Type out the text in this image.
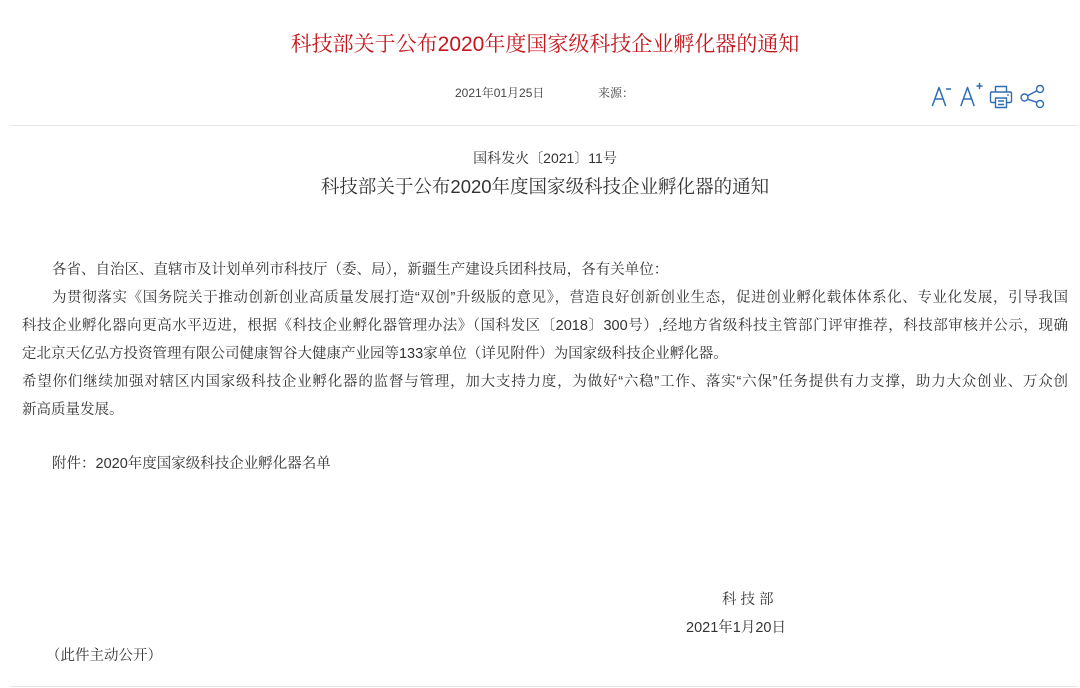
科技部关于公布2020年度国家级科技企业孵化器的通知
2021年01月25日	来源：
国科发火〔2021〕11号
科技部关于公布2020年度国家级科技企业孵化器的通知
各省、自治区、直辖市及计划单列市科技厅（委、局），新疆生产建设兵团科技局，各有关单位：
为贯彻落实《国务院关于推动创新创业高质量发展打造“双创”升级版的意见》，营造良好创新创业生态，促进创业孵化载体体系化、专业化发展，引导我国
科技企业孵化器向更高水平迈进，根据《科技企业孵化器管理办法》（国科发区〔2018〕300号）,经地方省级科技主管部门评审推荐，科技部审核并公示，现确
定北京天亿弘方投资管理有限公司健康智谷大健康产业园等133家单位（详见附件）为国家级科技企业孵化器。
希望你们继续加强对辖区内国家级科技企业孵化器的监督与管理，加大支持力度，为做好“六稳”工作、落实“六保”任务提供有力支撑，助力大众创业、万众创
新高质量发展。
附件：2020年度国家级科技企业孵化器名单
科 技 部
2021年1月20日
（此件主动公开）
